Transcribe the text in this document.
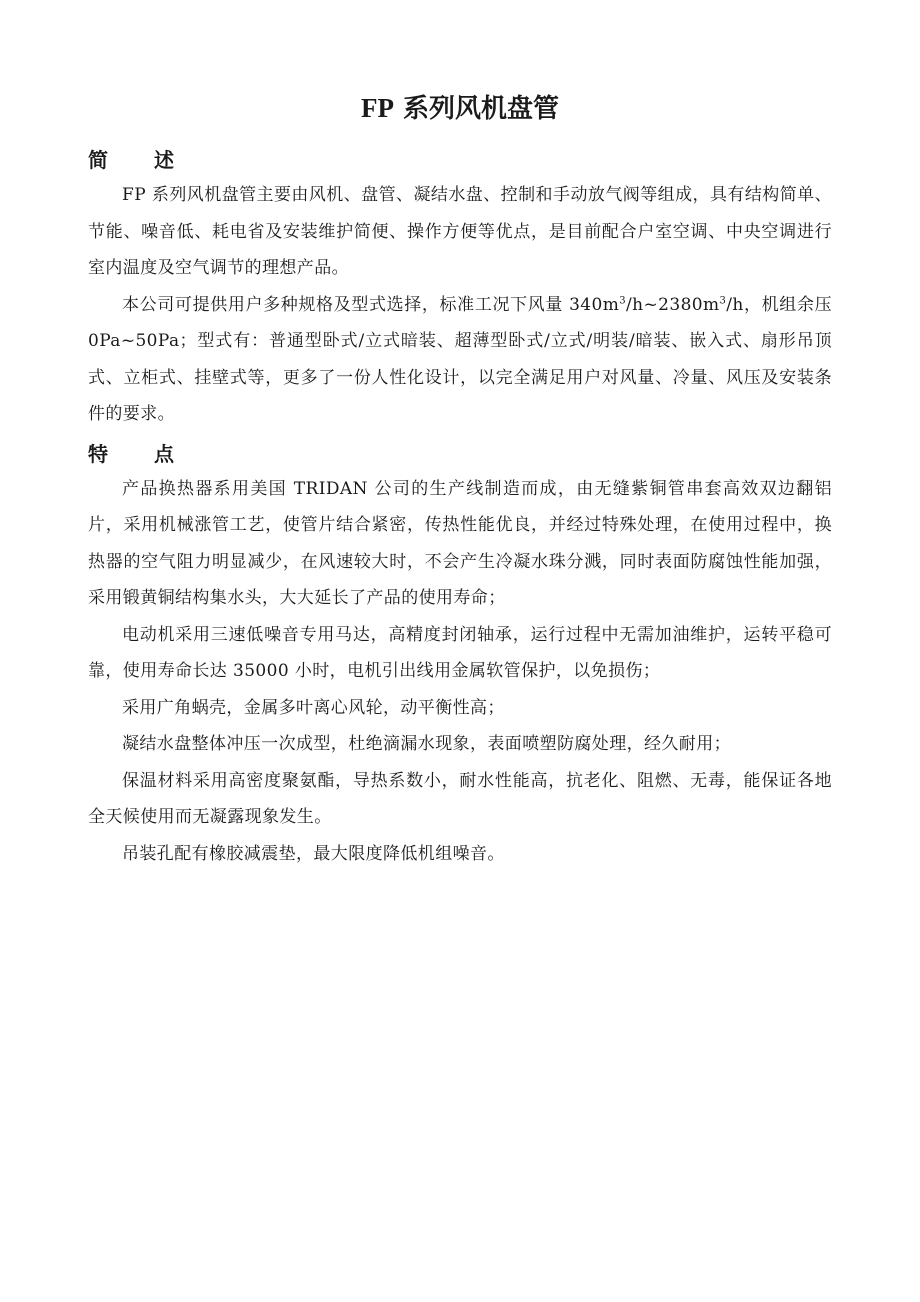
FP 系列风机盘管
简述

FP 系列风机盘管主要由风机、盘管、凝结水盘、控制和手动放气阀等组成，具有结构简单、节能、噪音低、耗电省及安装维护简便、操作方便等优点，是目前配合户室空调、中央空调进行室内温度及空气调节的理想产品。

本公司可提供用户多种规格及型式选择，标准工况下风量 $340m^3/h\sim 2380m^3/h$，机组余压 0Pa~50Pa；型式有：普通型卧式/立式暗装、超薄型卧式/立式/明装/暗装、嵌入式、扇形吊顶式、立柜式、挂壁式等，更多了一份人性化设计，以完全满足用户对风量、冷量、风压及安装条件的要求。

特点

产品换热器系用美国 TRIDAN 公司的生产线制造而成，由无缝紫铜管串套高效双边翻铝片，采用机械涨管工艺，使管片结合紧密，传热性能优良，并经过特殊处理，在使用过程中，换热器的空气阻力明显减少，在风速较大时，不会产生冷凝水珠分溅，同时表面防腐蚀性能加强，采用锻黄铜结构集水头，大大延长了产品的使用寿命；

电动机采用三速低噪音专用马达，高精度封闭轴承，运行过程中无需加油维护，运转平稳可靠，使用寿命长达 35000 小时，电机引出线用金属软管保护，以免损伤；

采用广角蜗壳，金属多叶离心风轮，动平衡性高；

凝结水盘整体冲压一次成型，杜绝滴漏水现象，表面喷塑防腐处理，经久耐用；

保温材料采用高密度聚氨酯，导热系数小，耐水性能高，抗老化、阻燃、无毒，能保证各地全天候使用而无凝露现象发生。

吊装孔配有橡胶减震垫，最大限度降低机组噪音。
